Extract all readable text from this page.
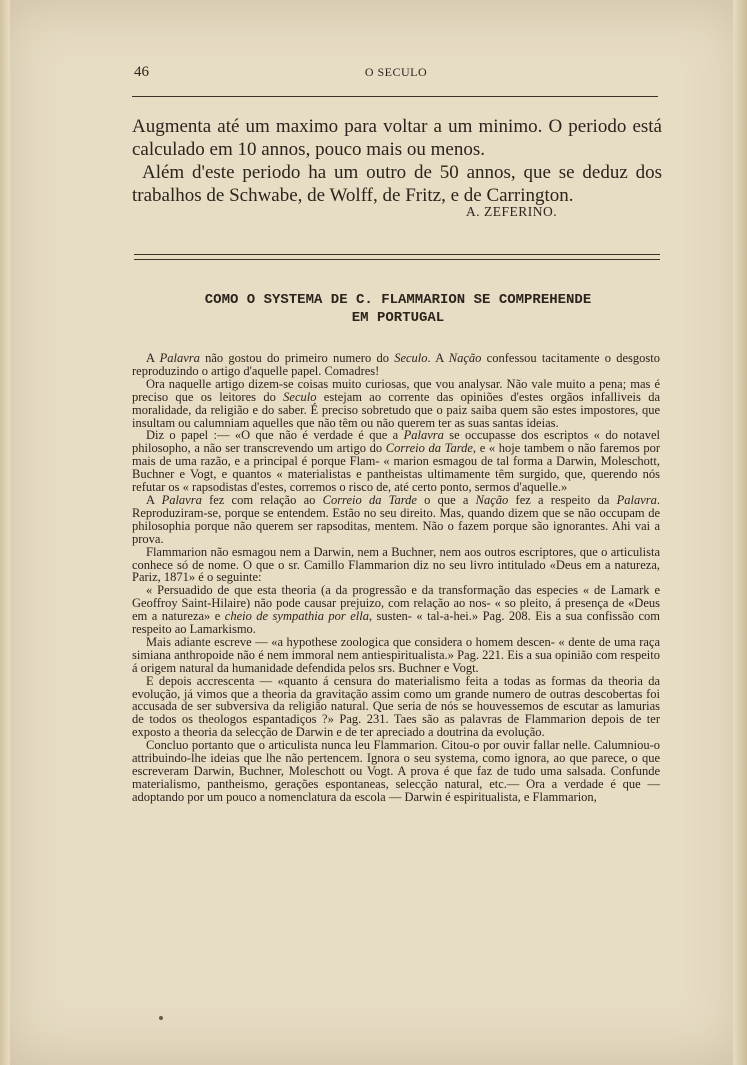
46	O SECULO

Augmenta até um maximo para voltar a um minimo. O periodo está calculado em 10 annos, pouco mais ou menos.

Além d'este periodo ha um outro de 50 annos, que se deduz dos trabalhos de Schwabe, de Wolff, de Fritz, e de Carrington.

A. ZEFERINO.
COMO O SYSTEMA DE C. FLAMMARION SE COMPREHENDE
EM PORTUGAL

A Palavra não gostou do primeiro numero do Seculo. A Nação confessou tacitamente o desgosto reproduzindo o artigo d'aquelle papel. Comadres!

Ora naquelle artigo dizem-se coisas muito curiosas, que vou analysar. Não vale muito a pena; mas é preciso que os leitores do Seculo estejam ao corrente das opiniões d'estes orgãos infalliveis da moralidade, da religião e do saber. É preciso sobretudo que o paiz saiba quem são estes impostores, que insultam ou calumniam aquelles que não têm ou não querem ter as suas santas ideias.

Diz o papel :— «O que não é verdade é que a Palavra se occupasse dos escriptos « do notavel philosopho, a não ser transcrevendo um artigo do Correio da Tarde, e « hoje tambem o não faremos por mais de uma razão, e a principal é porque Flam- « marion esmagou de tal forma a Darwin, Moleschott, Buchner e Vogt, e quantos « materialistas e pantheistas ultimamente têm surgido, que, querendo nós refutar os « rapsodistas d'estes, corremos o risco de, até certo ponto, sermos d'aquelle.»

A Palavra fez com relação ao Correio da Tarde o que a Nação fez a respeito da Palavra. Reproduziram-se, porque se entendem. Estão no seu direito. Mas, quando dizem que se não occupam de philosophia porque não querem ser rapsoditas, mentem. Não o fazem porque são ignorantes. Ahi vai a prova.

Flammarion não esmagou nem a Darwin, nem a Buchner, nem aos outros escriptores, que o articulista conhece só de nome. O que o sr. Camillo Flammarion diz no seu livro intitulado «Deus em a natureza, Pariz, 1871» é o seguinte:

« Persuadido de que esta theoria (a da progressão e da transformação das especies « de Lamark e Geoffroy Saint-Hilaire) não pode causar prejuizo, com relação ao nos- « so pleito, á presença de «Deus em a natureza» e cheio de sympathia por ella, susten- « tal-a-hei.» Pag. 208. Eis a sua confissão com respeito ao Lamarkismo.

Mais adiante escreve — «a hypothese zoologica que considera o homem descen- « dente de uma raça simiana anthropoide não é nem immoral nem antiespiritualista.» Pag. 221. Eis a sua opinião com respeito á origem natural da humanidade defendida pelos srs. Buchner e Vogt.

E depois accrescenta — «quanto á censura do materialismo feita a todas as formas da theoria da evolução, já vimos que a theoria da gravitação assim como um grande numero de outras descobertas foi accusada de ser subversiva da religião natural. Que seria de nós se houvessemos de escutar as lamurias de todos os theologos espantadiços ?» Pag. 231. Taes são as palavras de Flammarion depois de ter exposto a theoria da selecção de Darwin e de ter apreciado a doutrina da evolução.

Concluo portanto que o articulista nunca leu Flammarion. Citou-o por ouvir fallar nelle. Calumniou-o attribuindo-lhe ideias que lhe não pertencem. Ignora o seu systema, como ignora, ao que parece, o que escreveram Darwin, Buchner, Moleschott ou Vogt. A prova é que faz de tudo uma salsada. Confunde materialismo, pantheismo, gerações espontaneas, selecção natural, etc.— Ora a verdade é que — adoptando por um pouco a nomenclatura da escola — Darwin é espiritualista, e Flammarion,
